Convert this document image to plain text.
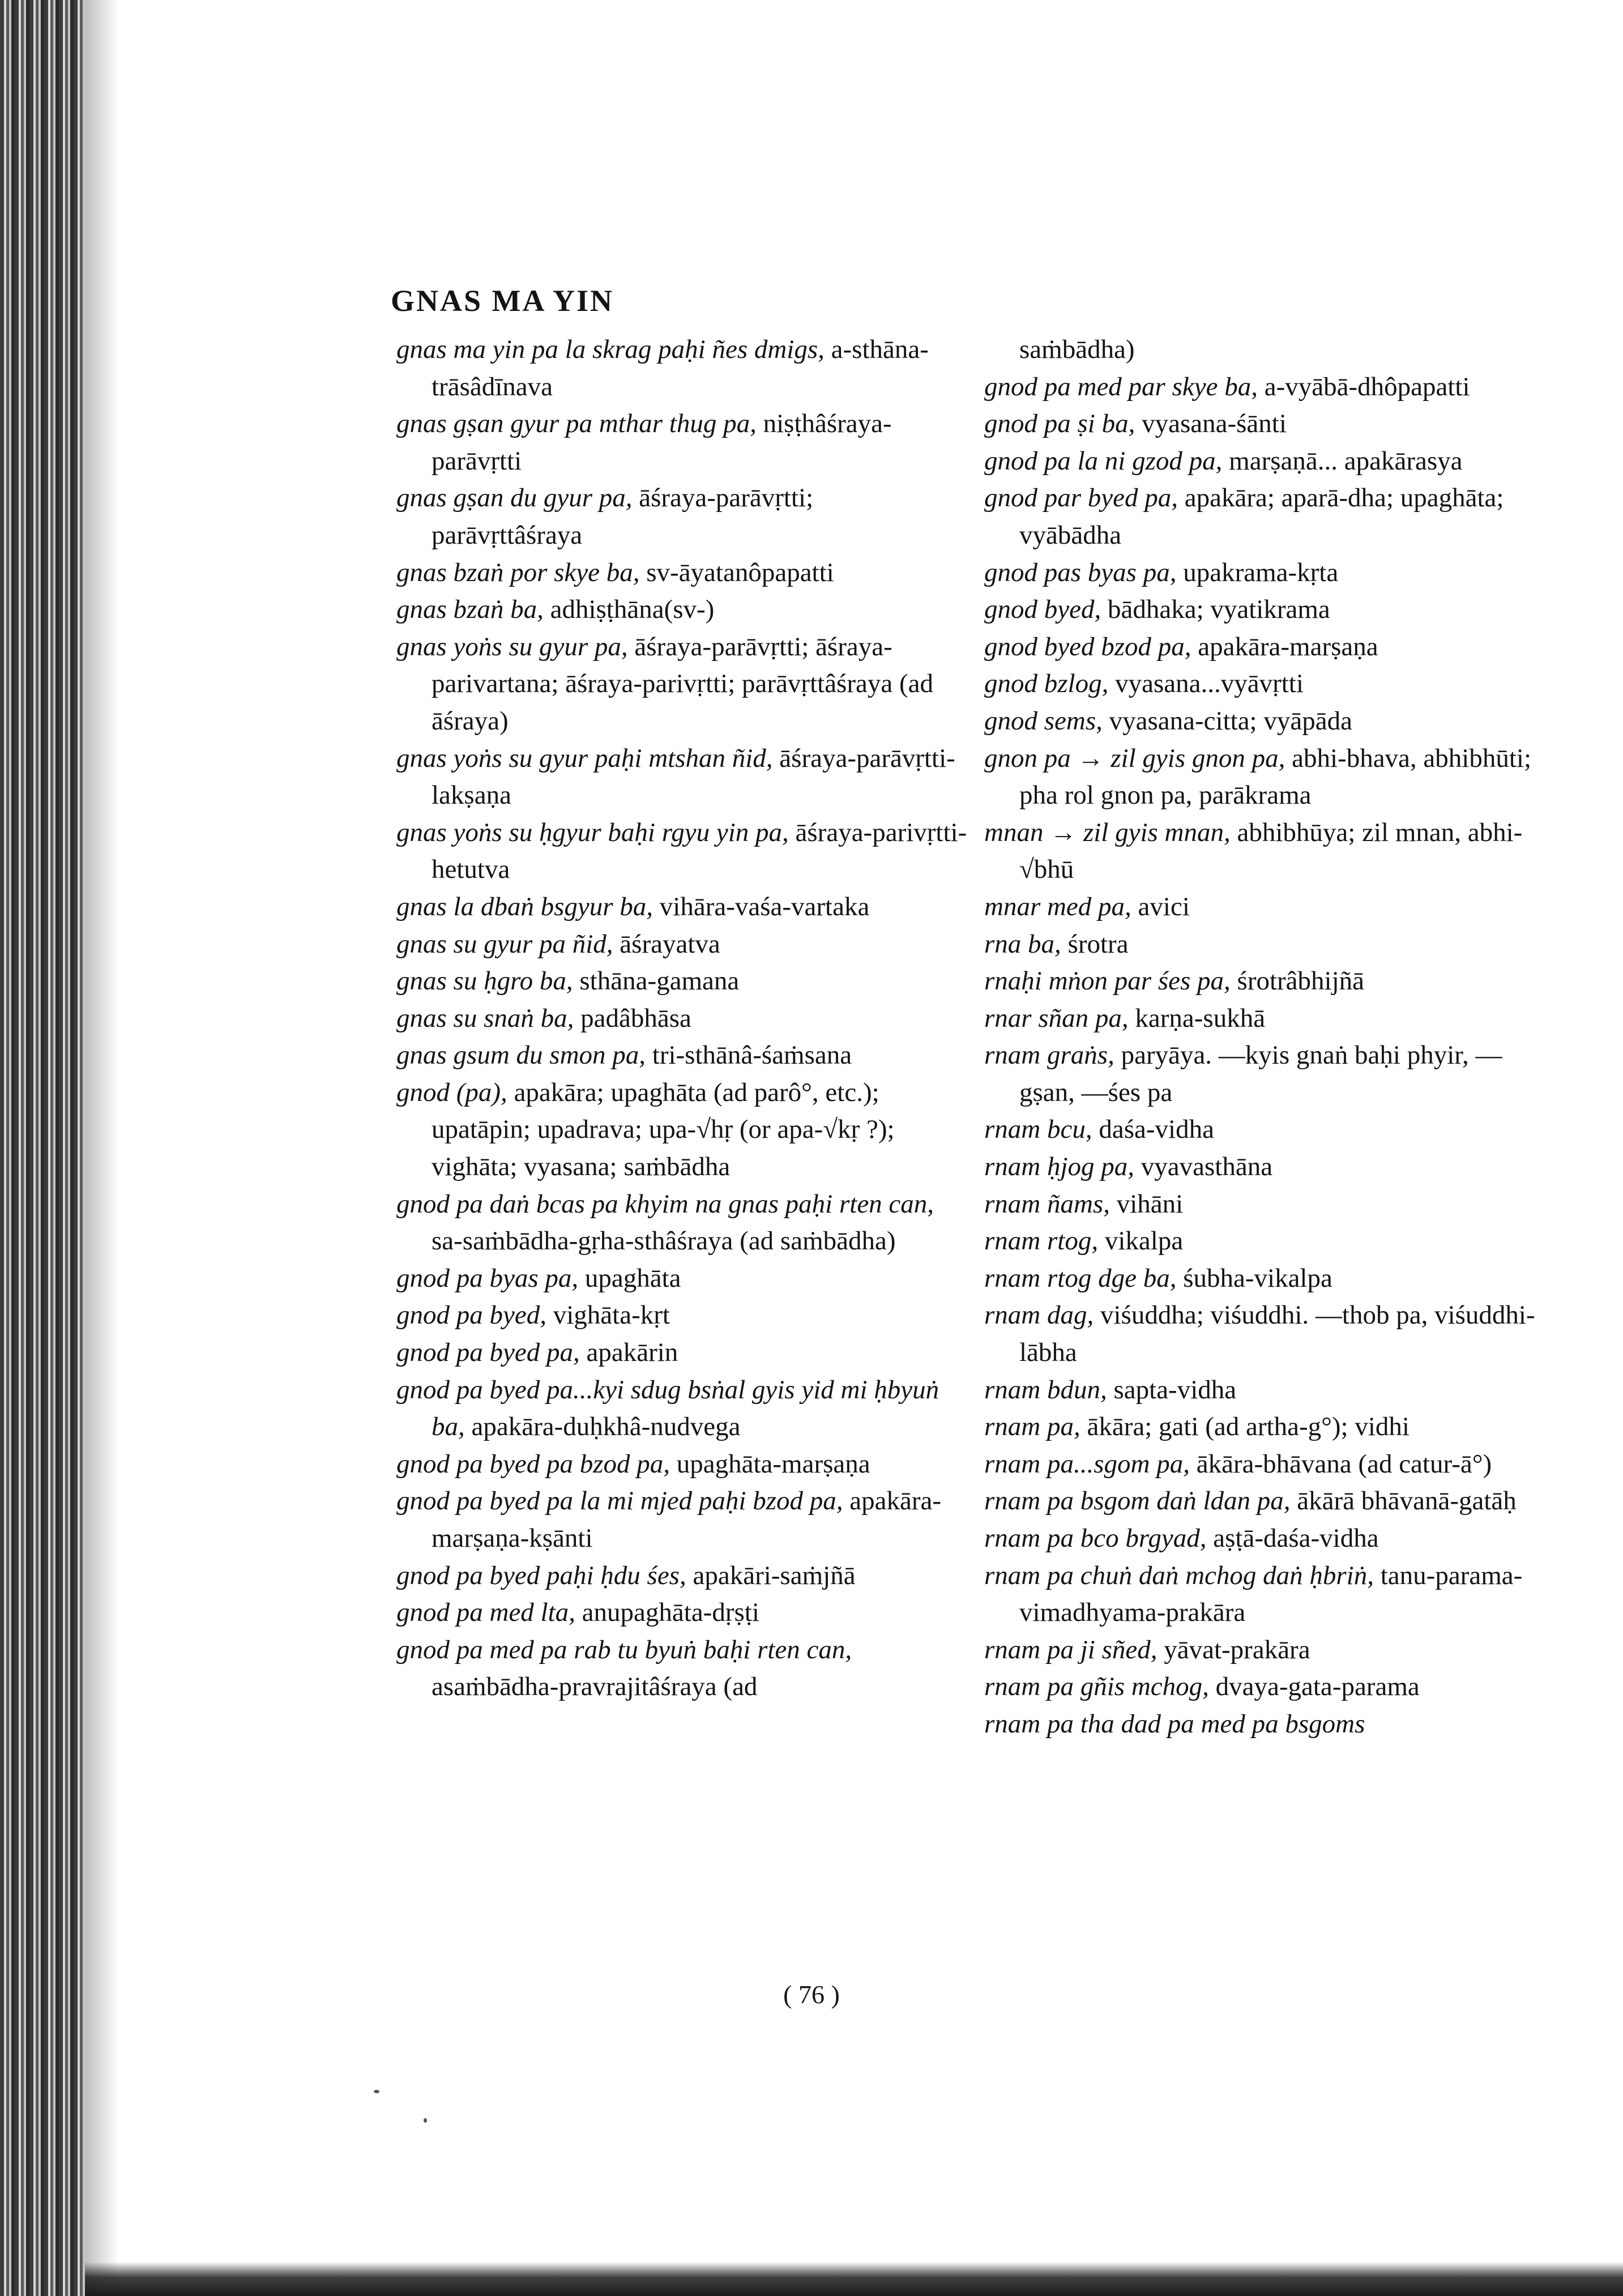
GNAS MA YIN

gnas ma yin pa la skrag paḥi ñes dmigs, a-sthāna-trāsâdīnava

gnas gṣan gyur pa mthar thug pa, niṣṭhâśraya-parāvṛtti

gnas gṣan du gyur pa, āśraya-parāvṛtti; parāvṛttâśraya

gnas bzaṅ por skye ba, sv-āyatanôpapatti

gnas bzaṅ ba, adhiṣṭhāna(sv-)

gnas yoṅs su gyur pa, āśraya-parāvṛtti; āśraya-parivartana; āśraya-parivṛtti; parāvṛttâśraya (ad āśraya)

gnas yoṅs su gyur paḥi mtshan ñid, āśraya-parāvṛtti-lakṣaṇa

gnas yoṅs su ḥgyur baḥi rgyu yin pa, āśraya-parivṛtti-hetutva

gnas la dbaṅ bsgyur ba, vihāra-vaśa-vartaka

gnas su gyur pa ñid, āśrayatva

gnas su ḥgro ba, sthāna-gamana

gnas su snaṅ ba, padâbhāsa

gnas gsum du smon pa, tri-sthānâ-śaṁsana

gnod (pa), apakāra; upaghāta (ad parô°, etc.); upatāpin; upadrava; upa-√hṛ (or apa-√kṛ ?); vighāta; vyasana; saṁbādha

gnod pa daṅ bcas pa khyim na gnas paḥi rten can, sa-saṁbādha-gṛha-sthâśraya (ad saṁbādha)

gnod pa byas pa, upaghāta

gnod pa byed, vighāta-kṛt

gnod pa byed pa, apakārin

gnod pa byed pa...kyi sdug bsṅal gyis yid mi ḥbyuṅ ba, apakāra-duḥkhâ-nudvega

gnod pa byed pa bzod pa, upaghāta-marṣaṇa

gnod pa byed pa la mi mjed paḥi bzod pa, apakāra-marṣaṇa-kṣānti

gnod pa byed paḥi ḥdu śes, apakāri-saṁjñā

gnod pa med lta, anupaghāta-dṛṣṭi

gnod pa med pa rab tu byuṅ baḥi rten can, asaṁbādha-pravrajitâśraya (ad

saṁbādha)

gnod pa med par skye ba, a-vyābā-dhôpapatti

gnod pa ṣi ba, vyasana-śānti

gnod pa la ni gzod pa, marṣaṇā... apakārasya

gnod par byed pa, apakāra; aparā-dha; upaghāta; vyābādha

gnod pas byas pa, upakrama-kṛta

gnod byed, bādhaka; vyatikrama

gnod byed bzod pa, apakāra-marṣaṇa

gnod bzlog, vyasana...vyāvṛtti

gnod sems, vyasana-citta; vyāpāda

gnon pa → zil gyis gnon pa, abhi-bhava, abhibhūti; pha rol gnon pa, parākrama

mnan → zil gyis mnan, abhibhūya; zil mnan, abhi-√bhū

mnar med pa, avici

rna ba, śrotra

rnaḥi mṅon par śes pa, śrotrâbhijñā

rnar sñan pa, karṇa-sukhā

rnam graṅs, paryāya. —kyis gnaṅ baḥi phyir, —gṣan, —śes pa

rnam bcu, daśa-vidha

rnam ḥjog pa, vyavasthāna

rnam ñams, vihāni

rnam rtog, vikalpa

rnam rtog dge ba, śubha-vikalpa

rnam dag, viśuddha; viśuddhi. —thob pa, viśuddhi-lābha

rnam bdun, sapta-vidha

rnam pa, ākāra; gati (ad artha-g°); vidhi

rnam pa...sgom pa, ākāra-bhāvana (ad catur-ā°)

rnam pa bsgom daṅ ldan pa, ākārā bhāvanā-gatāḥ

rnam pa bco brgyad, aṣṭā-daśa-vidha

rnam pa chuṅ daṅ mchog daṅ ḥbriṅ, tanu-parama-vimadhyama-prakāra

rnam pa ji sñed, yāvat-prakāra

rnam pa gñis mchog, dvaya-gata-parama

rnam pa tha dad pa med pa bsgoms

( 76 )
